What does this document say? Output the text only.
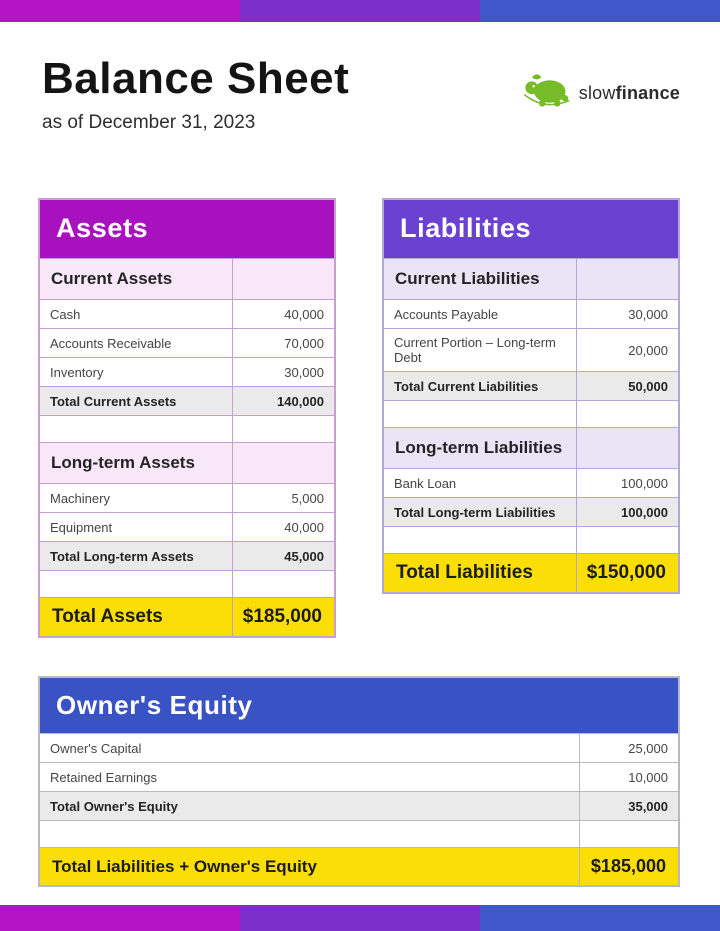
Balance Sheet
as of December 31, 2023
slowfinance
Assets
Current Assets
Cash	40,000
Accounts Receivable	70,000
Inventory	30,000
Total Current Assets	140,000
Long-term Assets
Machinery	5,000
Equipment	40,000
Total Long-term Assets	45,000
Total Assets	$185,000
Liabilities
Current Liabilities
Accounts Payable	30,000
Current Portion – Long-term Debt	20,000
Total Current Liabilities	50,000
Long-term Liabilities
Bank Loan	100,000
Total Long-term Liabilities	100,000
Total Liabilities	$150,000
Owner's Equity
Owner's Capital	25,000
Retained Earnings	10,000
Total Owner's Equity	35,000
Total Liabilities + Owner's Equity	$185,000
